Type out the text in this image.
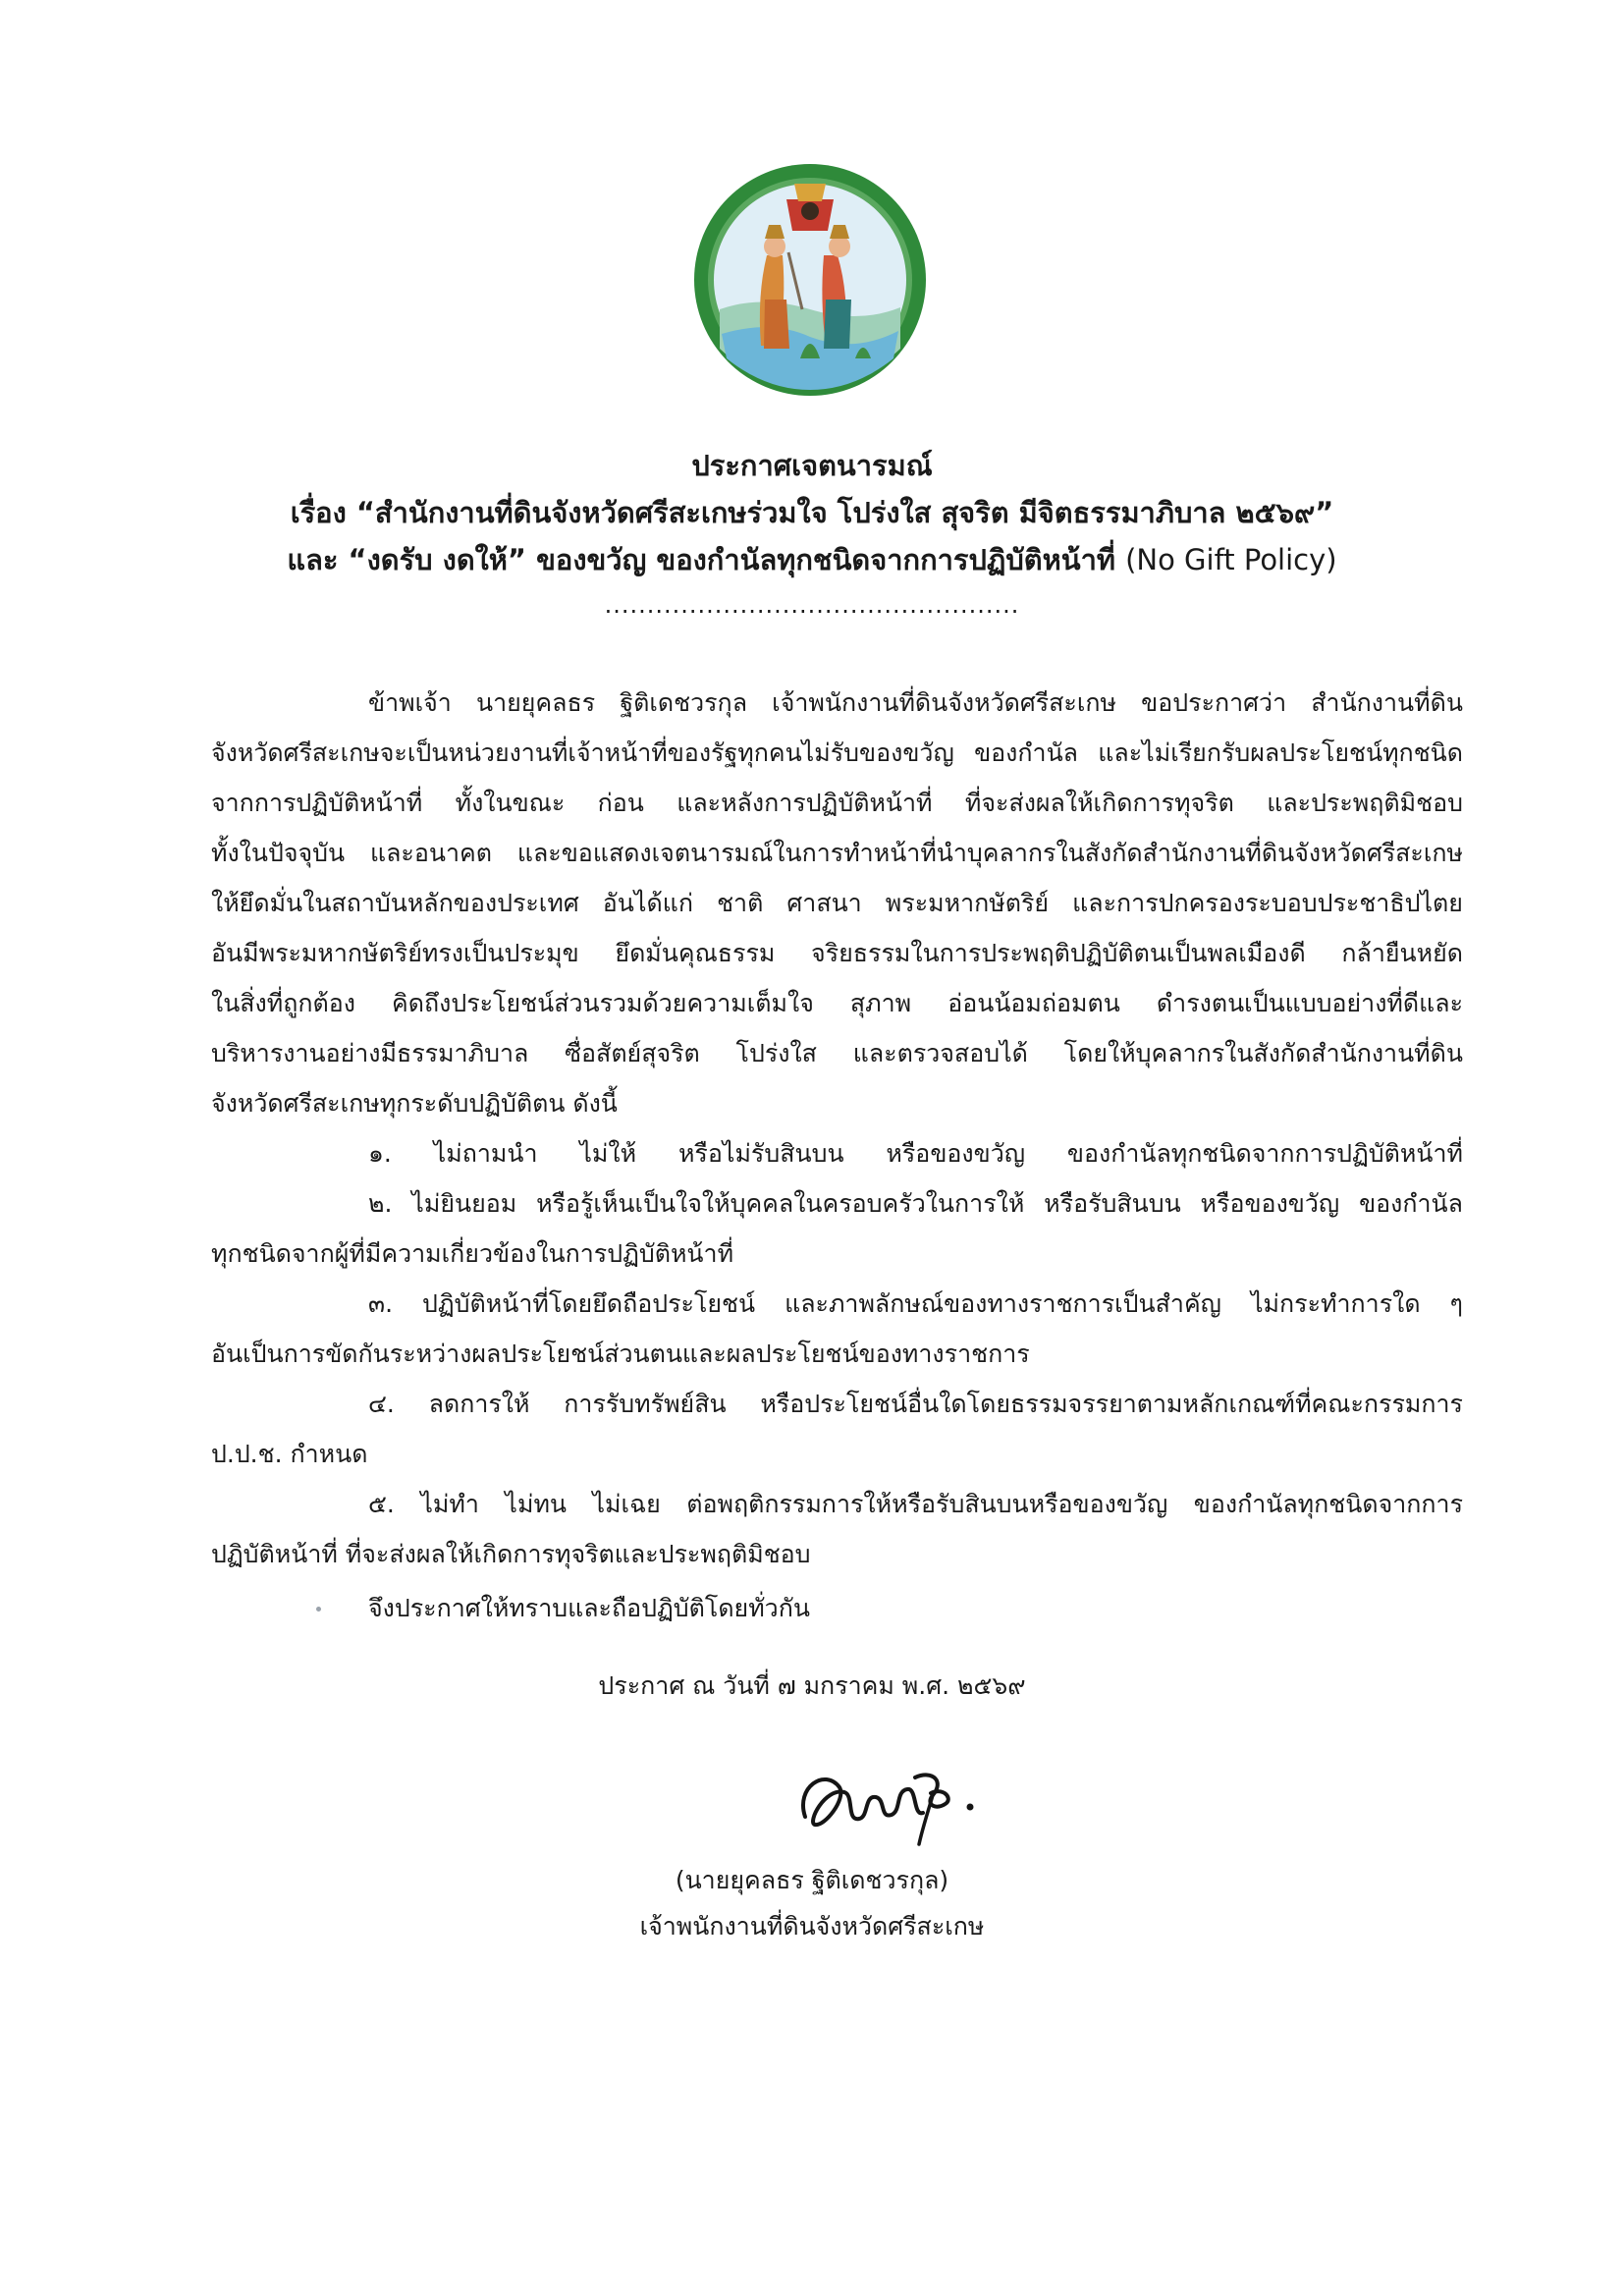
ประกาศเจตนารมณ์
เรื่อง “สำนักงานที่ดินจังหวัดศรีสะเกษร่วมใจ โปร่งใส สุจริต มีจิตธรรมาภิบาล ๒๕๖๙”
และ “งดรับ งดให้” ของขวัญ ของกำนัลทุกชนิดจากการปฏิบัติหน้าที่ (No Gift Policy)
.................................................
ข้าพเจ้า นายยุคลธร ฐิติเดชวรกุล เจ้าพนักงานที่ดินจังหวัดศรีสะเกษ ขอประกาศว่า สำนักงานที่ดิน
จังหวัดศรีสะเกษจะเป็นหน่วยงานที่เจ้าหน้าที่ของรัฐทุกคนไม่รับของขวัญ ของกำนัล และไม่เรียกรับผลประโยชน์ทุกชนิด
จากการปฏิบัติหน้าที่ ทั้งในขณะ ก่อน และหลังการปฏิบัติหน้าที่ ที่จะส่งผลให้เกิดการทุจริต และประพฤติมิชอบ
ทั้งในปัจจุบัน และอนาคต และขอแสดงเจตนารมณ์ในการทำหน้าที่นำบุคลากรในสังกัดสำนักงานที่ดินจังหวัดศรีสะเกษ
ให้ยึดมั่นในสถาบันหลักของประเทศ อันได้แก่ ชาติ ศาสนา พระมหากษัตริย์ และการปกครองระบอบประชาธิปไตย
อันมีพระมหากษัตริย์ทรงเป็นประมุข ยึดมั่นคุณธรรม จริยธรรมในการประพฤติปฏิบัติตนเป็นพลเมืองดี กล้ายืนหยัด
ในสิ่งที่ถูกต้อง คิดถึงประโยชน์ส่วนรวมด้วยความเต็มใจ สุภาพ อ่อนน้อมถ่อมตน ดำรงตนเป็นแบบอย่างที่ดีและ
บริหารงานอย่างมีธรรมาภิบาล ซื่อสัตย์สุจริต โปร่งใส และตรวจสอบได้ โดยให้บุคลากรในสังกัดสำนักงานที่ดิน
จังหวัดศรีสะเกษทุกระดับปฏิบัติตน ดังนี้
๑. ไม่ถามนำ ไม่ให้ หรือไม่รับสินบน หรือของขวัญ ของกำนัลทุกชนิดจากการปฏิบัติหน้าที่
๒. ไม่ยินยอม หรือรู้เห็นเป็นใจให้บุคคลในครอบครัวในการให้ หรือรับสินบน หรือของขวัญ ของกำนัล
ทุกชนิดจากผู้ที่มีความเกี่ยวข้องในการปฏิบัติหน้าที่
๓. ปฏิบัติหน้าที่โดยยึดถือประโยชน์ และภาพลักษณ์ของทางราชการเป็นสำคัญ ไม่กระทำการใด ๆ
อันเป็นการขัดกันระหว่างผลประโยชน์ส่วนตนและผลประโยชน์ของทางราชการ
๔. ลดการให้ การรับทรัพย์สิน หรือประโยชน์อื่นใดโดยธรรมจรรยาตามหลักเกณฑ์ที่คณะกรรมการ
ป.ป.ช. กำหนด
๕. ไม่ทำ ไม่ทน ไม่เฉย ต่อพฤติกรรมการให้หรือรับสินบนหรือของขวัญ ของกำนัลทุกชนิดจากการ
ปฏิบัติหน้าที่ ที่จะส่งผลให้เกิดการทุจริตและประพฤติมิชอบ
จึงประกาศให้ทราบและถือปฏิบัติโดยทั่วกัน
ประกาศ ณ วันที่ ๗ มกราคม พ.ศ. ๒๕๖๙
(นายยุคลธร ฐิติเดชวรกุล)
เจ้าพนักงานที่ดินจังหวัดศรีสะเกษ
